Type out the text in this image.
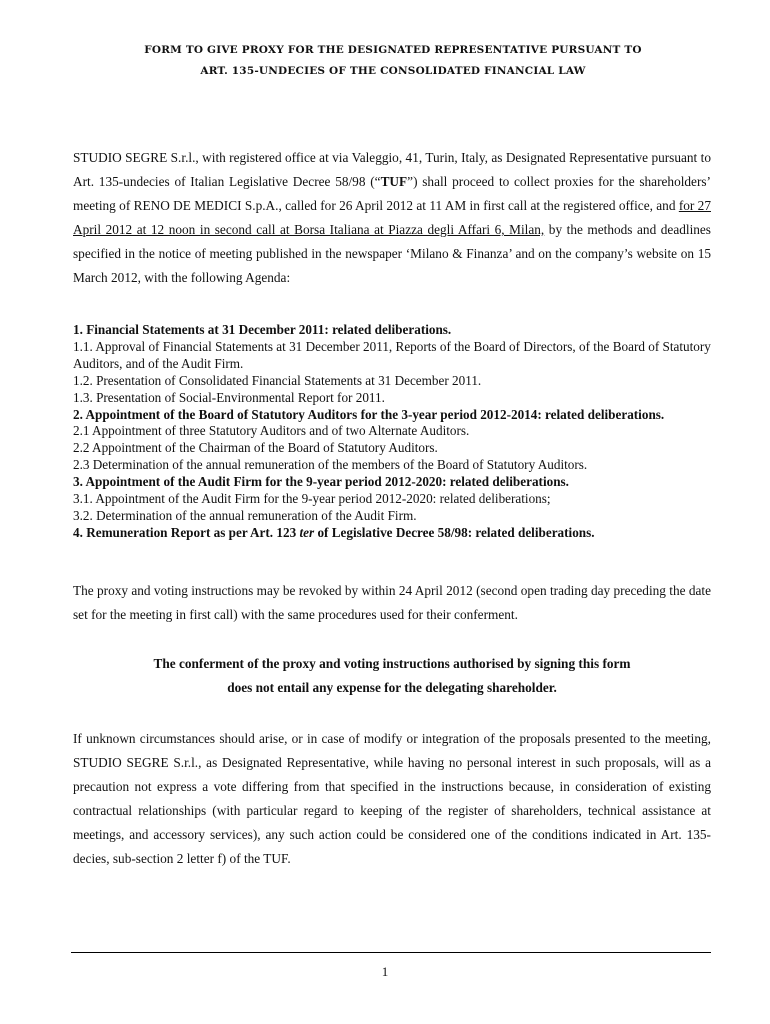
FORM TO GIVE PROXY FOR THE DESIGNATED REPRESENTATIVE PURSUANT TO
ART. 135-UNDECIES OF THE CONSOLIDATED FINANCIAL LAW

STUDIO SEGRE S.r.l., with registered office at via Valeggio, 41, Turin, Italy, as Designated Representative pursuant to Art. 135-undecies of Italian Legislative Decree 58/98 (“TUF”) shall proceed to collect proxies for the shareholders’ meeting of RENO DE MEDICI S.p.A., called for 26 April 2012 at 11 AM in first call at the registered office, and for 27 April 2012 at 12 noon in second call at Borsa Italiana at Piazza degli Affari 6, Milan, by the methods and deadlines specified in the notice of meeting published in the newspaper ‘Milano & Finanza’ and on the company’s website on 15 March 2012, with the following Agenda:

1. Financial Statements at 31 December 2011: related deliberations.
1.1. Approval of Financial Statements at 31 December 2011, Reports of the Board of Directors, of the Board of Statutory Auditors, and of the Audit Firm.
1.2. Presentation of Consolidated Financial Statements at 31 December 2011.
1.3. Presentation of Social-Environmental Report for 2011.
2. Appointment of the Board of Statutory Auditors for the 3-year period 2012-2014: related deliberations.
2.1 Appointment of three Statutory Auditors and of two Alternate Auditors.
2.2 Appointment of the Chairman of the Board of Statutory Auditors.
2.3 Determination of the annual remuneration of the members of the Board of Statutory Auditors.
3. Appointment of the Audit Firm for the 9-year period 2012-2020: related deliberations.
3.1. Appointment of the Audit Firm for the 9-year period 2012-2020: related deliberations;
3.2. Determination of the annual remuneration of the Audit Firm.
4. Remuneration Report as per Art. 123 ter of Legislative Decree 58/98: related deliberations.

The proxy and voting instructions may be revoked by within 24 April 2012 (second open trading day preceding the date set for the meeting in first call) with the same procedures used for their conferment.

The conferment of the proxy and voting instructions authorised by signing this form
does not entail any expense for the delegating shareholder.

If unknown circumstances should arise, or in case of modify or integration of the proposals presented to the meeting, STUDIO SEGRE S.r.l., as Designated Representative, while having no personal interest in such proposals, will as a precaution not express a vote differing from that specified in the instructions because, in consideration of existing contractual relationships (with particular regard to keeping of the register of shareholders, technical assistance at meetings, and accessory services), any such action could be considered one of the conditions indicated in Art. 135-decies, sub-section 2 letter f) of the TUF.

1
